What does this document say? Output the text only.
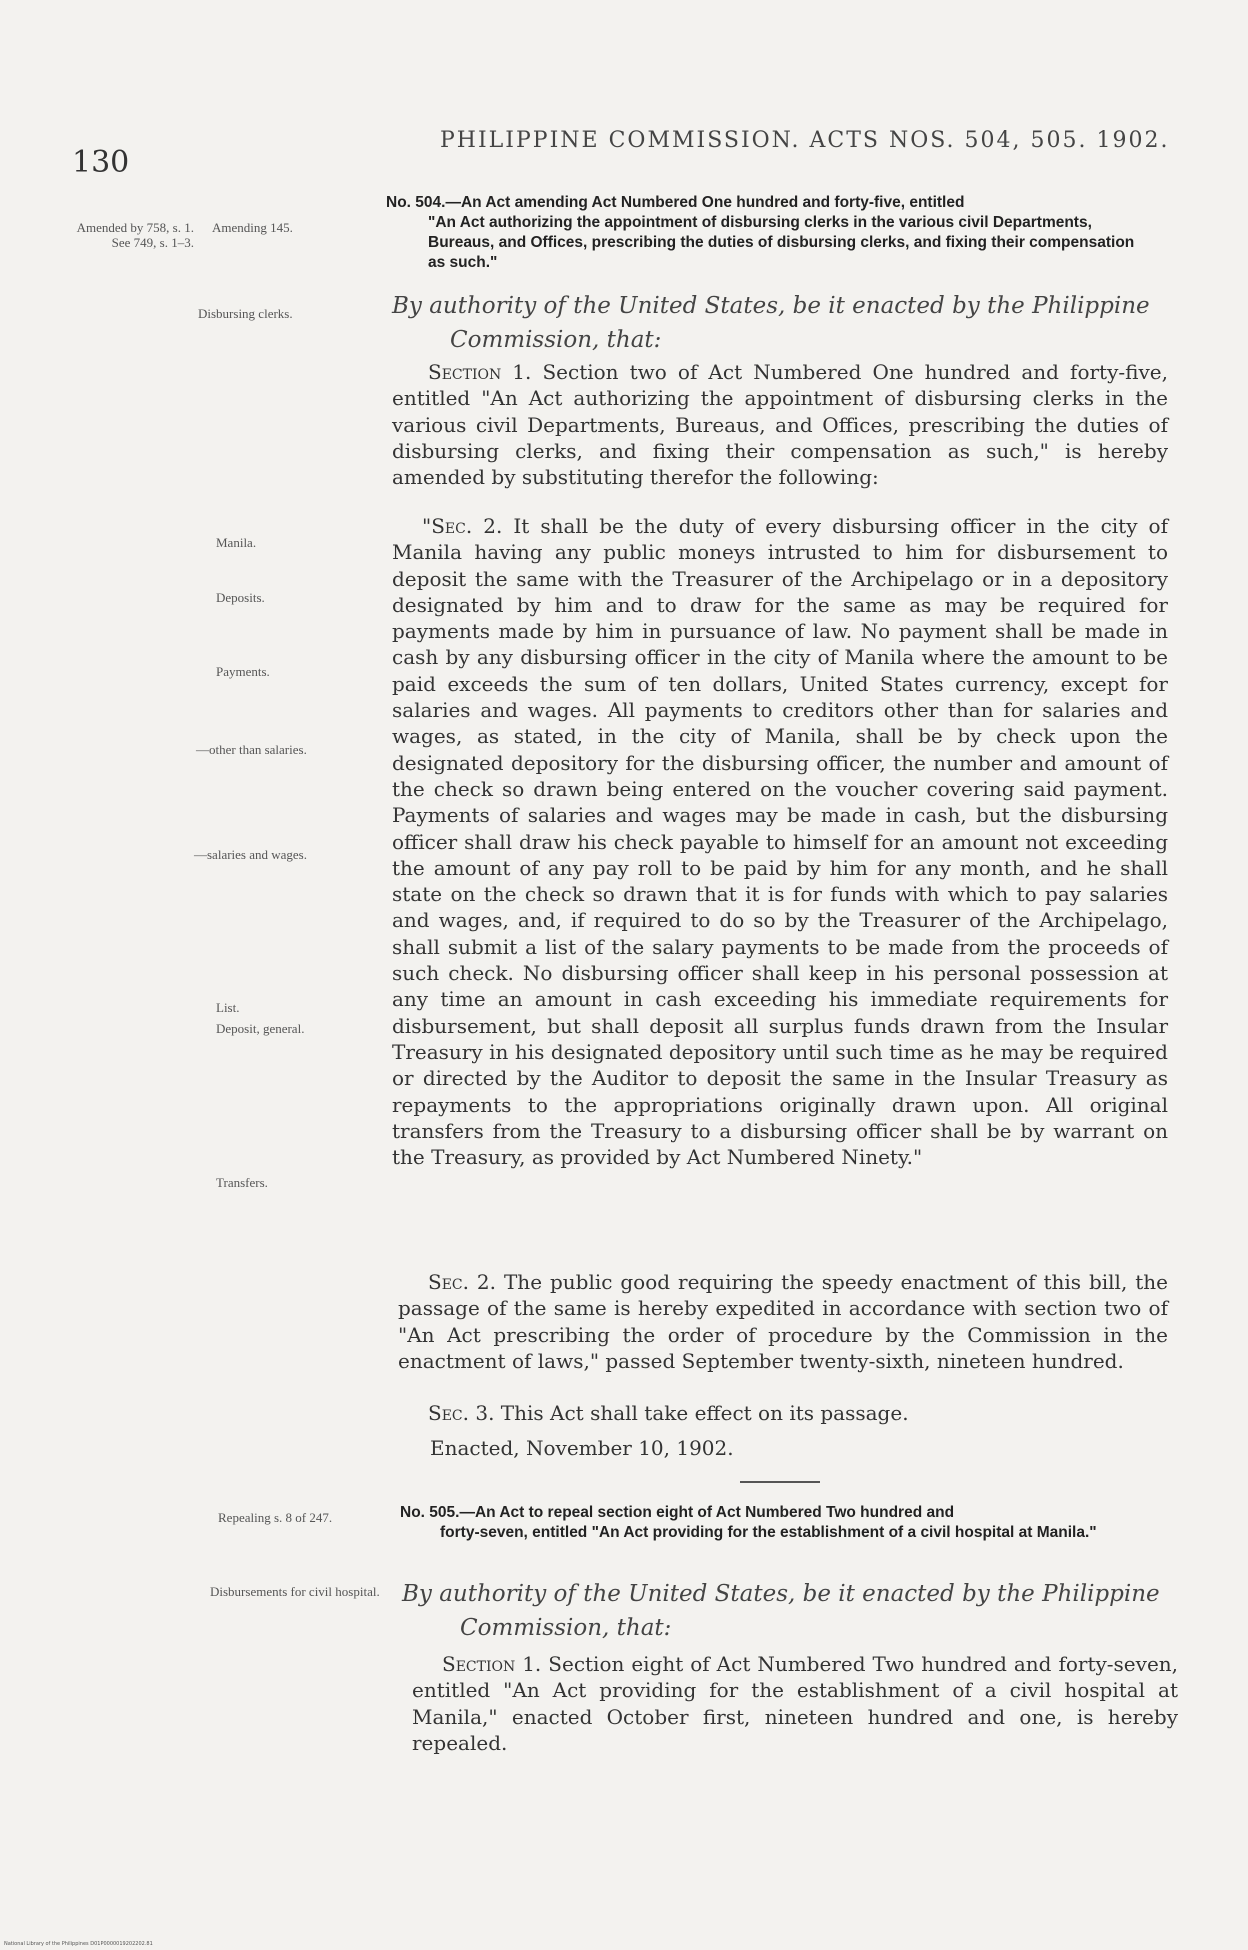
130
PHILIPPINE COMMISSION. ACTS NOS. 504, 505. 1902.
Amended by 758, s. 1. See 749, s. 1–3.
Amending 145.
No. 504.—An Act amending Act Numbered One hundred and forty-five, entitled
"An Act authorizing the appointment of disbursing clerks in the various civil Departments, Bureaus, and Offices, prescribing the duties of disbursing clerks, and fixing their compensation as such."
Disbursing clerks.	By authority of the United States, be it enacted by the Philippine
Commission, that:
Section 1. Section two of Act Numbered One hundred and forty-five, entitled "An Act authorizing the appointment of disbursing clerks in the various civil Departments, Bureaus, and Offices, prescribing the duties of disbursing clerks, and fixing their compensation as such," is hereby amended by substituting therefor the following:
Manila.
Deposits.
Payments.
—other than salaries.
—salaries and wages.
List.
Deposit, general.
Transfers.
"Sec. 2. It shall be the duty of every disbursing officer in the city of Manila having any public moneys intrusted to him for disbursement to deposit the same with the Treasurer of the Archipelago or in a depository designated by him and to draw for the same as may be required for payments made by him in pursuance of law. No payment shall be made in cash by any disbursing officer in the city of Manila where the amount to be paid exceeds the sum of ten dollars, United States currency, except for salaries and wages. All payments to creditors other than for salaries and wages, as stated, in the city of Manila, shall be by check upon the designated depository for the disbursing officer, the number and amount of the check so drawn being entered on the voucher covering said payment. Payments of salaries and wages may be made in cash, but the disbursing officer shall draw his check payable to himself for an amount not exceeding the amount of any pay roll to be paid by him for any month, and he shall state on the check so drawn that it is for funds with which to pay salaries and wages, and, if required to do so by the Treasurer of the Archipelago, shall submit a list of the salary payments to be made from the proceeds of such check. No disbursing officer shall keep in his personal possession at any time an amount in cash exceeding his immediate requirements for disbursement, but shall deposit all surplus funds drawn from the Insular Treasury in his designated depository until such time as he may be required or directed by the Auditor to deposit the same in the Insular Treasury as repayments to the appropriations originally drawn upon. All original transfers from the Treasury to a disbursing officer shall be by warrant on the Treasury, as provided by Act Numbered Ninety."
Sec. 2. The public good requiring the speedy enactment of this bill, the passage of the same is hereby expedited in accordance with section two of "An Act prescribing the order of procedure by the Commission in the enactment of laws," passed September twenty-sixth, nineteen hundred.
Sec. 3. This Act shall take effect on its passage.
Enacted, November 10, 1902.
Repealing s. 8 of 247.	No. 505.—An Act to repeal section eight of Act Numbered Two hundred and
forty-seven, entitled "An Act providing for the establishment of a civil hospital at Manila."
Disbursements for civil hospital. By authority of the United States, be it enacted by the Philippine
Commission, that:
Section 1. Section eight of Act Numbered Two hundred and forty-seven, entitled "An Act providing for the establishment of a civil hospital at Manila," enacted October first, nineteen hundred and one, is hereby repealed.
National Library of the Philippines D01P0000019202202.81
